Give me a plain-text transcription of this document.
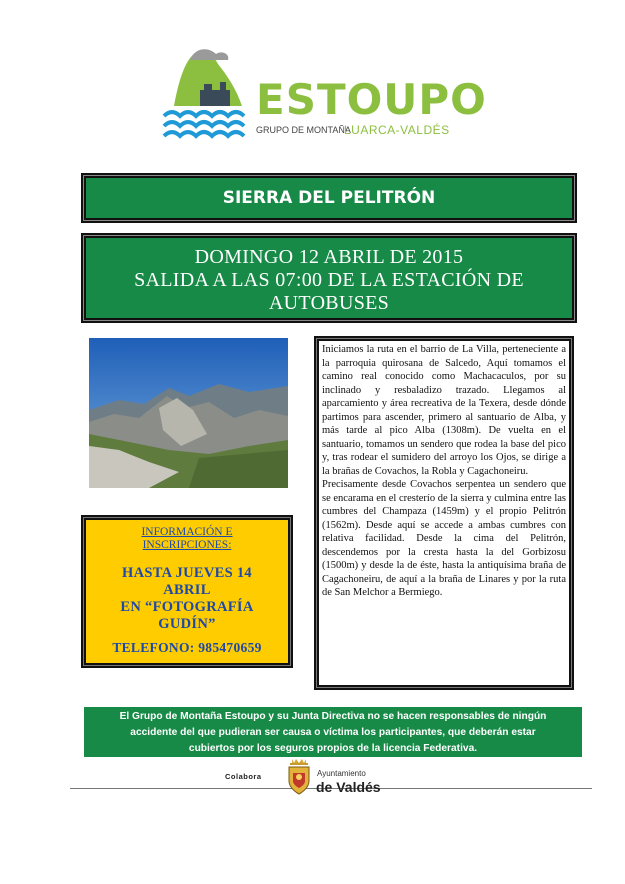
ESTOUPO
GRUPO DE MONTAÑA
LUARCA-VALDÉS
SIERRA DEL PELITRÓN
DOMINGO 12 ABRIL DE 2015
SALIDA A LAS 07:00 DE LA ESTACIÓN DE
AUTOBUSES
INFORMACIÓN E
INSCRIPCIONES:
HASTA JUEVES 14
ABRIL
EN “FOTOGRAFÍA
GUDÍN”
TELEFONO: 985470659

Iniciamos la ruta en el barrio de La Villa, perteneciente a la parroquia quirosana de Salcedo, Aquí tomamos el camino real conocido como Machacaculos, por su inclinado y resbaladizo trazado. Llegamos al aparcamiento y área recreativa de la Texera, desde dónde partimos para ascender, primero al santuario de Alba, y más tarde al pico Alba (1308m). De vuelta en el santuario, tomamos un sendero que rodea la base del pico y, tras rodear el sumidero del arroyo los Ojos, se dirige a la brañas de Covachos, la Robla y Cagachoneiru.

Precisamente desde Covachos serpentea un sendero que se encarama en el cresterío de la sierra y culmina entre las cumbres del Champaza (1459m) y el propio Pelitrón (1562m). Desde aquí se accede a ambas cumbres con relativa facilidad. Desde la cima del Pelitrón, descendemos por la cresta hasta la del Gorbizosu (1500m) y desde la de éste, hasta la antiquísima braña de Cagachoneiru, de aquí a la braña de Linares y por la ruta de San Melchor a Bermiego.

El Grupo de Montaña Estoupo y su Junta Directiva no se hacen responsables de ningún
accidente del que pudieran ser causa o víctima los participantes, que deberán estar
cubiertos por los seguros propios de la licencia Federativa.
Colabora	Ayuntamiento
de Valdés
